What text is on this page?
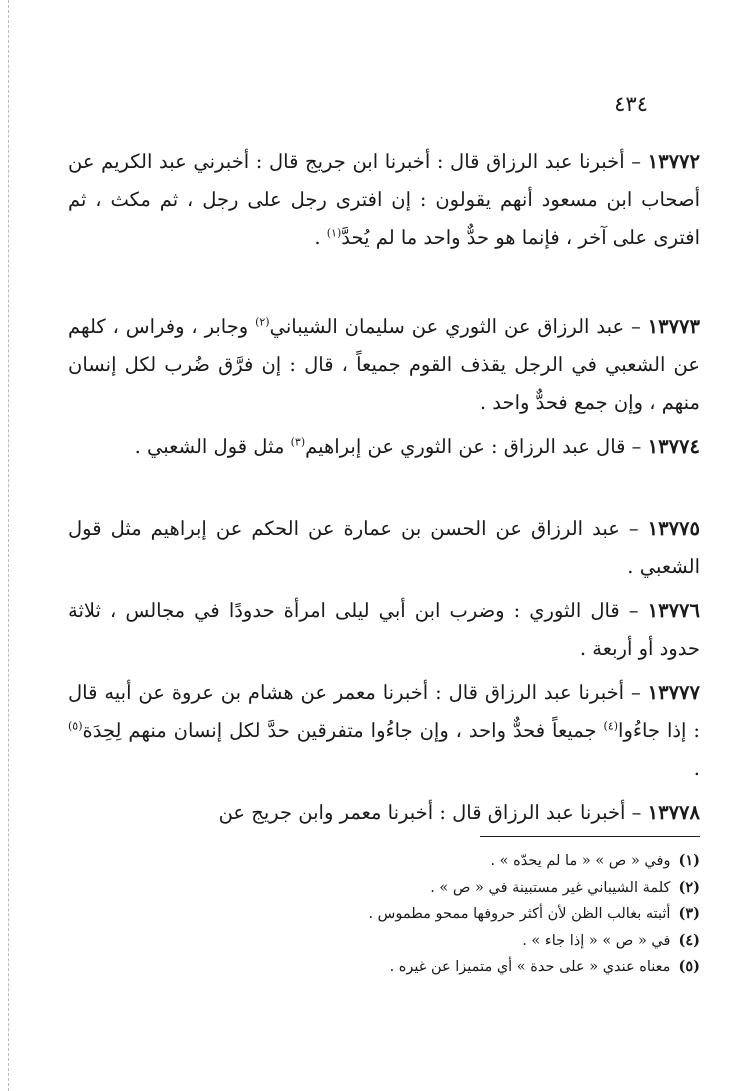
٤٣٤
١٣٧٧٢ – أخبرنا عبد الرزاق قال : أخبرنا ابن جريج قال : أخبرني عبد الكريم عن أصحاب ابن مسعود أنهم يقولون : إن افترى رجل على رجل ، ثم مكث ، ثم افترى على آخر ، فإنما هو حدٌّ واحد ما لم يُحدَّ$^{(١)}$ .
١٣٧٧٣ – عبد الرزاق عن الثوري عن سليمان الشيباني$^{(٢)}$ وجابر ، وفراس ، كلهم عن الشعبي في الرجل يقذف القوم جميعاً ، قال : إن فرَّق ضُرب لكل إنسان منهم ، وإن جمع فحدٌّ واحد .
١٣٧٧٤ – قال عبد الرزاق : عن الثوري عن إبراهيم$^{(٣)}$ مثل قول الشعبي .
١٣٧٧٥ – عبد الرزاق عن الحسن بن عمارة عن الحكم عن إبراهيم مثل قول الشعبي .
١٣٧٧٦ – قال الثوري : وضرب ابن أبي ليلى امرأة حدودًا في مجالس ، ثلاثة حدود أو أربعة .
١٣٧٧٧ – أخبرنا عبد الرزاق قال : أخبرنا معمر عن هشام بن عروة عن أبيه قال : إذا جاءُوا$^{(٤)}$ جميعاً فحدٌّ واحد ، وإن جاءُوا متفرقين حدَّ لكل إنسان منهم لِحِدَة$^{(٥)}$ .
١٣٧٧٨ – أخبرنا عبد الرزاق قال : أخبرنا معمر وابن جريج عن
(١)وفي « ص » « ما لم يحدّه » .
(٢)كلمة الشيباني غير مستبينة في « ص » .
(٣)أثبته بغالب الظن لأن أكثر حروفها ممحو مطموس .
(٤)في « ص » « إذا جاء » .
(٥)معناه عندي « على حدة » أي متميزا عن غيره .
